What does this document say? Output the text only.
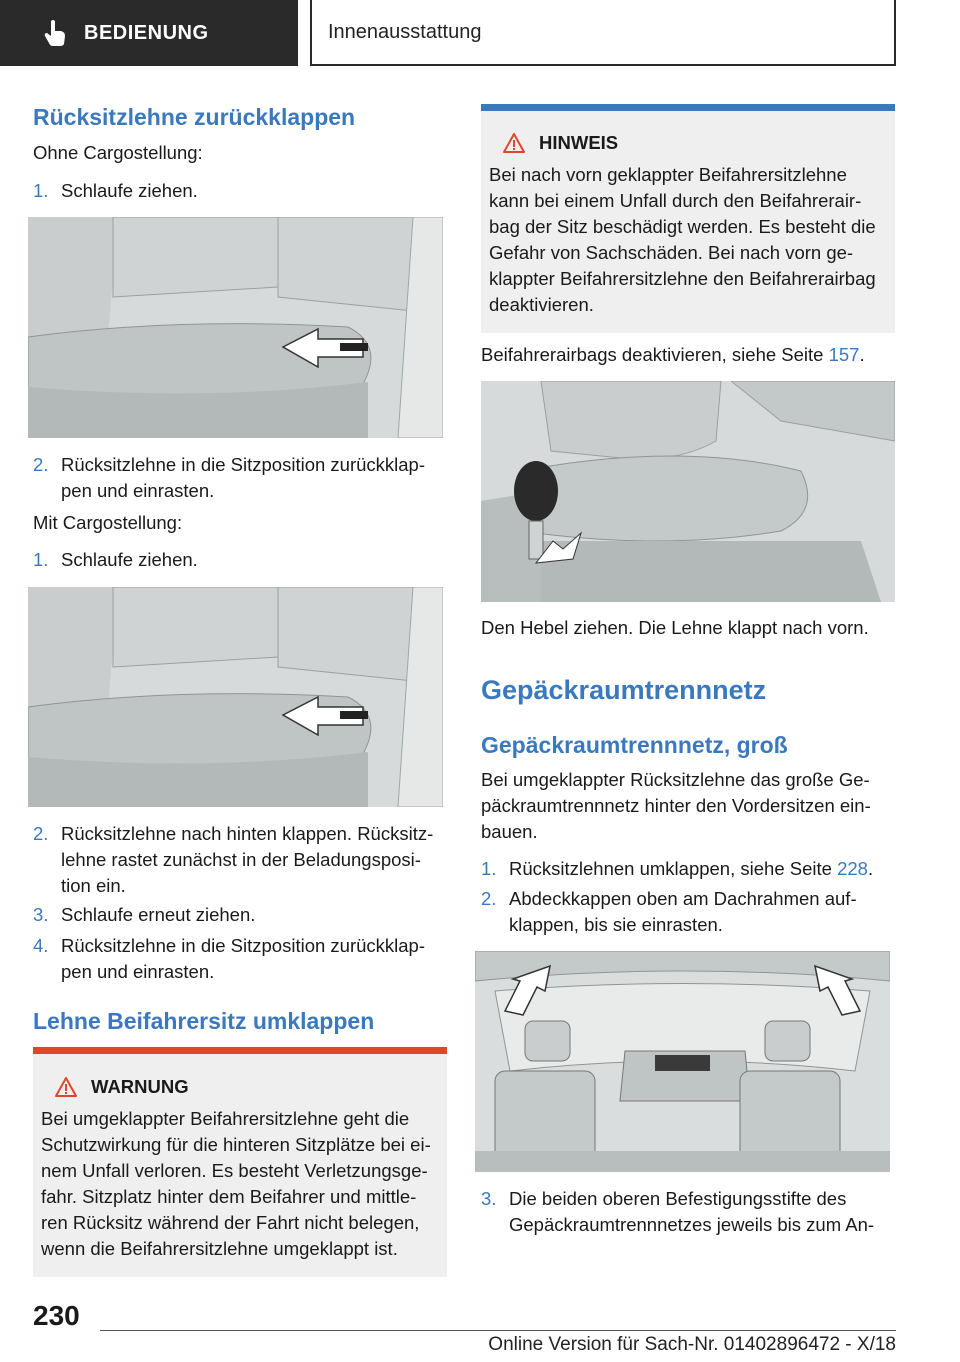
BEDIENUNG	Innenausstattung
Rücksitzlehne zurückklappen

Ohne Cargostellung:

1. Schlaufe ziehen.
2. Rücksitzlehne in die Sitzposition zurückklap-
pen und einrasten.

Mit Cargostellung:

1. Schlaufe ziehen.
2. Rücksitzlehne nach hinten klappen. Rücksitz-
lehne rastet zunächst in der Beladungsposi-
tion ein.
3. Schlaufe erneut ziehen.
4. Rücksitzlehne in die Sitzposition zurückklap-
pen und einrasten.
Lehne Beifahrersitz umklappen
WARNUNG
Bei umgeklappter Beifahrersitzlehne geht die
Schutzwirkung für die hinteren Sitzplätze bei ei-
nem Unfall verloren. Es besteht Verletzungsge-
fahr. Sitzplatz hinter dem Beifahrer und mittle-
ren Rücksitz während der Fahrt nicht belegen,
wenn die Beifahrersitzlehne umgeklappt ist.
HINWEIS
Bei nach vorn geklappter Beifahrersitzlehne
kann bei einem Unfall durch den Beifahrerair-
bag der Sitz beschädigt werden. Es besteht die
Gefahr von Sachschäden. Bei nach vorn ge-
klappter Beifahrersitzlehne den Beifahrerairbag
deaktivieren.

Beifahrerairbags deaktivieren, siehe Seite 157.

Den Hebel ziehen. Die Lehne klappt nach vorn.

Gepäckraumtrennnetz
Gepäckraumtrennnetz, groß

Bei umgeklappter Rücksitzlehne das große Ge-
päckraumtrennnetz hinter den Vordersitzen ein-
bauen.

1. Rücksitzlehnen umklappen, siehe Seite 228.
2. Abdeckkappen oben am Dachrahmen auf-
klappen, bis sie einrasten.
3. Die beiden oberen Befestigungsstifte des
Gepäckraumtrennnetzes jeweils bis zum An-
230
Online Version für Sach-Nr. 01402896472 - X/18
